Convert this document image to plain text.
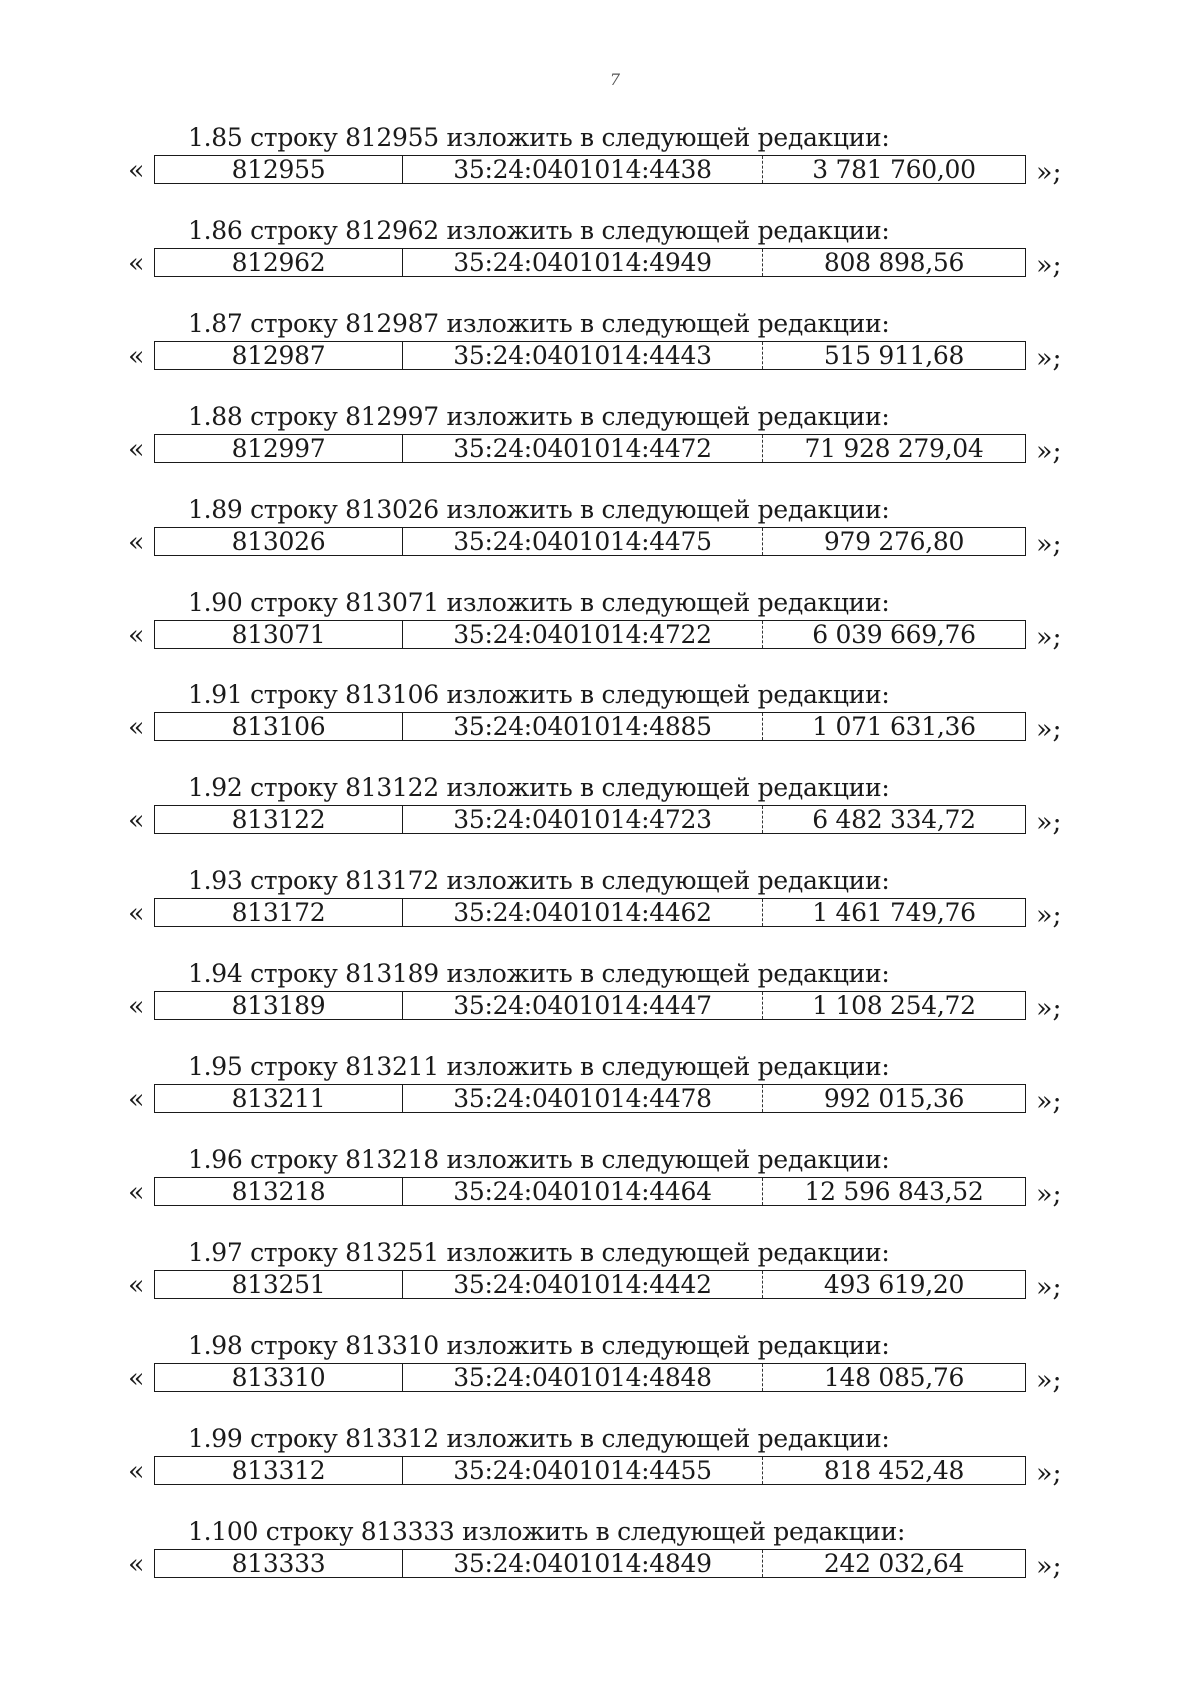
7
1.85 строку 812955 изложить в следующей редакции:
«	812955	35:24:0401014:4438	3 781 760,00	»;
1.86 строку 812962 изложить в следующей редакции:
«	812962	35:24:0401014:4949	808 898,56	»;
1.87 строку 812987 изложить в следующей редакции:
«	812987	35:24:0401014:4443	515 911,68	»;
1.88 строку 812997 изложить в следующей редакции:
«	812997	35:24:0401014:4472	71 928 279,04	»;
1.89 строку 813026 изложить в следующей редакции:
«	813026	35:24:0401014:4475	979 276,80	»;
1.90 строку 813071 изложить в следующей редакции:
«	813071	35:24:0401014:4722	6 039 669,76	»;
1.91 строку 813106 изложить в следующей редакции:
«	813106	35:24:0401014:4885	1 071 631,36	»;
1.92 строку 813122 изложить в следующей редакции:
«	813122	35:24:0401014:4723	6 482 334,72	»;
1.93 строку 813172 изложить в следующей редакции:
«	813172	35:24:0401014:4462	1 461 749,76	»;
1.94 строку 813189 изложить в следующей редакции:
«	813189	35:24:0401014:4447	1 108 254,72	»;
1.95 строку 813211 изложить в следующей редакции:
«	813211	35:24:0401014:4478	992 015,36	»;
1.96 строку 813218 изложить в следующей редакции:
«	813218	35:24:0401014:4464	12 596 843,52	»;
1.97 строку 813251 изложить в следующей редакции:
«	813251	35:24:0401014:4442	493 619,20	»;
1.98 строку 813310 изложить в следующей редакции:
«	813310	35:24:0401014:4848	148 085,76	»;
1.99 строку 813312 изложить в следующей редакции:
«	813312	35:24:0401014:4455	818 452,48	»;
1.100 строку 813333 изложить в следующей редакции:
«	813333	35:24:0401014:4849	242 032,64	»;
